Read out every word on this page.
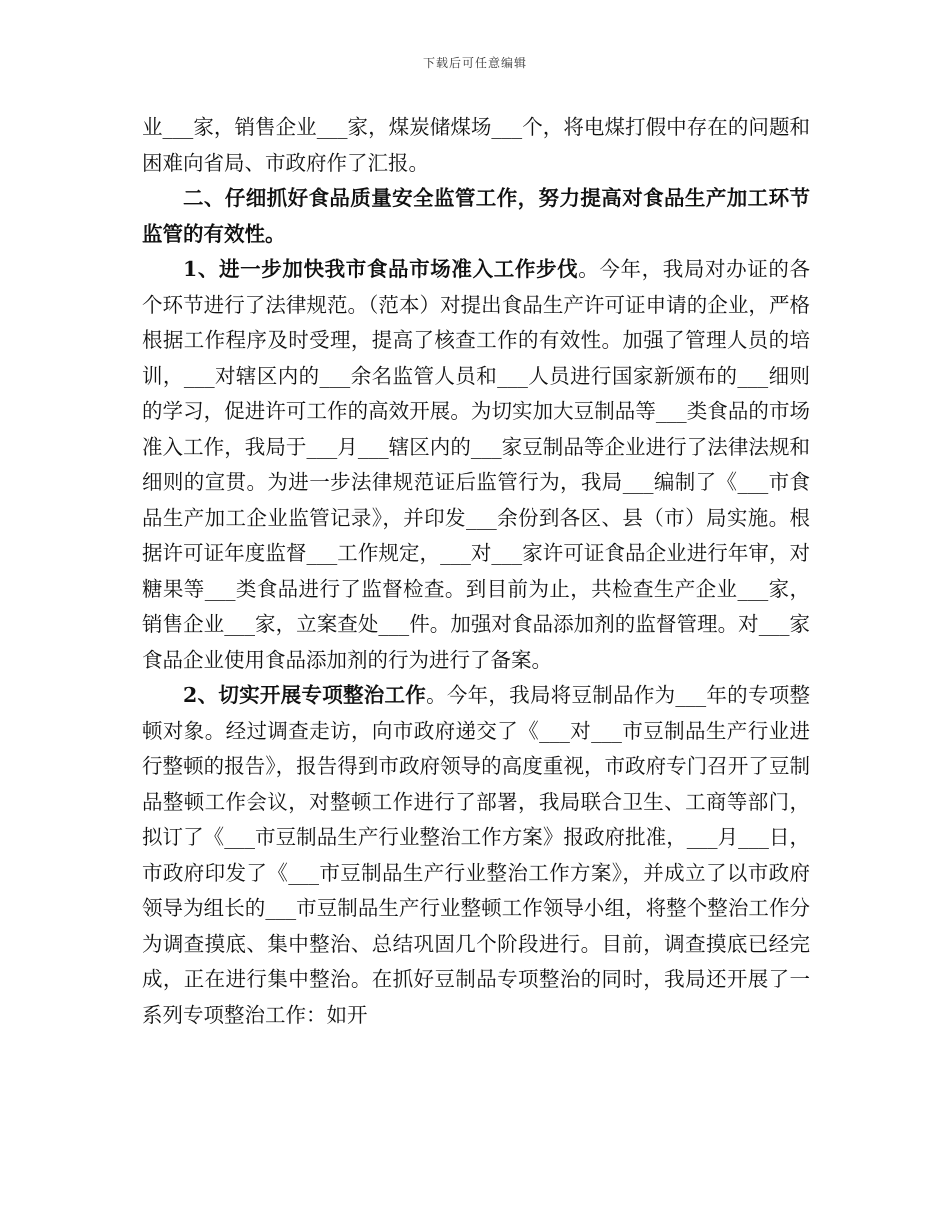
下载后可任意编辑

业___家，销售企业___家，煤炭储煤场___个，将电煤打假中存在的问题和困难向省局、市政府作了汇报。

二、仔细抓好食品质量安全监管工作，努力提高对食品生产加工环节监管的有效性。

1、进一步加快我市食品市场准入工作步伐。今年，我局对办证的各个环节进行了法律规范。（范本）对提出食品生产许可证申请的企业，严格根据工作程序及时受理，提高了核查工作的有效性。加强了管理人员的培训，___对辖区内的___余名监管人员和___人员进行国家新颁布的___细则的学习，促进许可工作的高效开展。为切实加大豆制品等___类食品的市场准入工作，我局于___月___辖区内的___家豆制品等企业进行了法律法规和细则的宣贯。为进一步法律规范证后监管行为，我局___编制了《___市食品生产加工企业监管记录》，并印发___余份到各区、县（市）局实施。根据许可证年度监督___工作规定，___对___家许可证食品企业进行年审，对糖果等___类食品进行了监督检查。到目前为止，共检查生产企业___家，销售企业___家，立案查处___件。加强对食品添加剂的监督管理。对___家食品企业使用食品添加剂的行为进行了备案。

2、切实开展专项整治工作。今年，我局将豆制品作为___年的专项整顿对象。经过调查走访，向市政府递交了《___对___市豆制品生产行业进行整顿的报告》，报告得到市政府领导的高度重视，市政府专门召开了豆制品整顿工作会议，对整顿工作进行了部署，我局联合卫生、工商等部门，拟订了《___市豆制品生产行业整治工作方案》报政府批准，___月___日，市政府印发了《___市豆制品生产行业整治工作方案》，并成立了以市政府领导为组长的___市豆制品生产行业整顿工作领导小组，将整个整治工作分为调查摸底、集中整治、总结巩固几个阶段进行。目前，调查摸底已经完成，正在进行集中整治。在抓好豆制品专项整治的同时，我局还开展了一系列专项整治工作：如开
